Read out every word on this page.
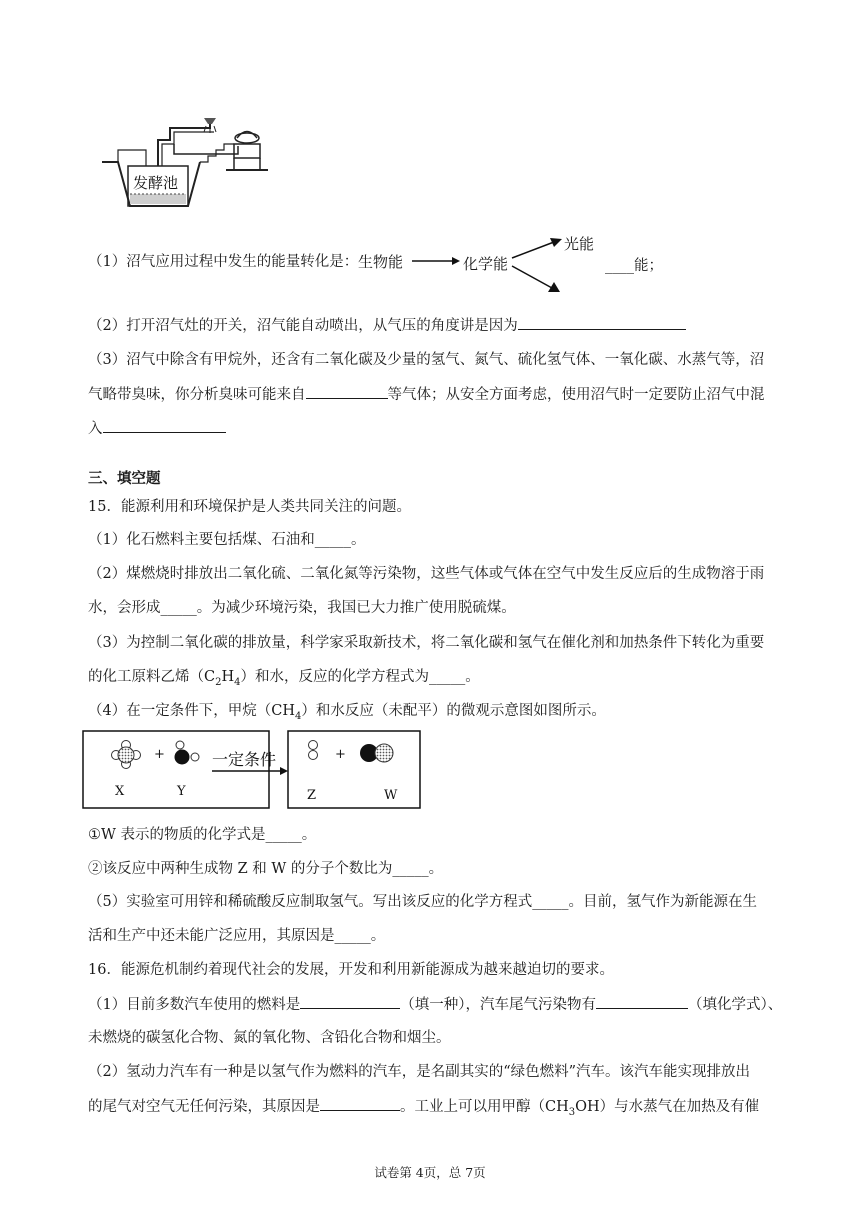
发酵池
（1）沼气应用过程中发生的能量转化是： 生物能	化学能
光能
____能；
（2）打开沼气灶的开关，沼气能自动喷出，从气压的角度讲是因为
（3）沼气中除含有甲烷外，还含有二氧化碳及少量的氢气、氮气、硫化氢气体、一氧化碳、水蒸气等，沼
气略带臭味，你分析臭味可能来自	等气体；从安全方面考虑，使用沼气时一定要防止沼气中混
入
三、填空题
15．能源利用和环境保护是人类共同关注的问题。
（1）化石燃料主要包括煤、石油和_____。
（2）煤燃烧时排放出二氧化硫、二氧化氮等污染物，这些气体或气体在空气中发生反应后的生成物溶于雨
水，会形成_____。为减少环境污染，我国已大力推广使用脱硫煤。
（3）为控制二氧化碳的排放量，科学家采取新技术，将二氧化碳和氢气在催化剂和加热条件下转化为重要
的化工原料乙烯$(C_2H_4)$和水，反应的化学方程式为_____。
（4）在一定条件下，甲烷$(CH_4)$和水反应（未配平）的微观示意图如图所示。
+
X	Y
一定条件	+
Z	W
①W 表示的物质的化学式是_____。
②该反应中两种生成物 Z 和 W 的分子个数比为_____。
（5）实验室可用锌和稀硫酸反应制取氢气。写出该反应的化学方程式_____。目前，氢气作为新能源在生
活和生产中还未能广泛应用，其原因是_____。
16．能源危机制约着现代社会的发展，开发和利用新能源成为越来越迫切的要求。
（1）目前多数汽车使用的燃料是	（填一种），汽车尾气污染物有	（填化学式）、
未燃烧的碳氢化合物、氮的氧化物、含铅化合物和烟尘。
（2）氢动力汽车有一种是以氢气作为燃料的汽车，是名副其实的“绿色燃料”汽车。该汽车能实现排放出
的尾气对空气无任何污染，其原因是	。工业上可以用甲醇$(CH_3OH)$与水蒸气在加热及有催
试卷第 4页，总 7页
